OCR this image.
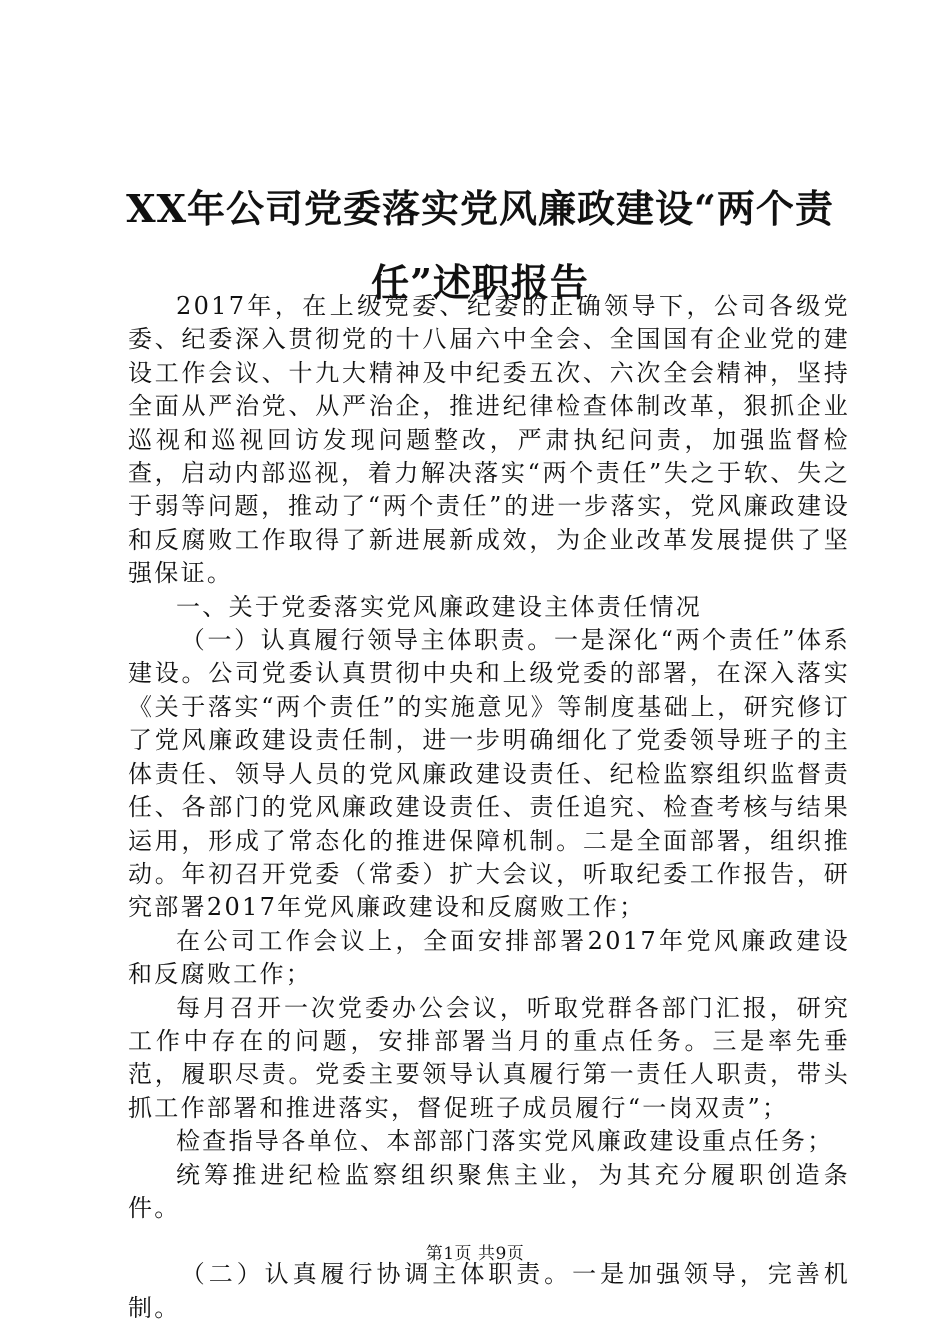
XX年公司党委落实党风廉政建设“两个责
任”述职报告

2017年，在上级党委、纪委的正确领导下，公司各级党委、纪委深入贯彻党的十八届六中全会、全国国有企业党的建设工作会议、十九大精神及中纪委五次、六次全会精神，坚持全面从严治党、从严治企，推进纪律检查体制改革，狠抓企业巡视和巡视回访发现问题整改，严肃执纪问责，加强监督检查，启动内部巡视，着力解决落实“两个责任”失之于软、失之于弱等问题，推动了“两个责任”的进一步落实，党风廉政建设和反腐败工作取得了新进展新成效，为企业改革发展提供了坚强保证。

一、关于党委落实党风廉政建设主体责任情况

（一）认真履行领导主体职责。一是深化“两个责任”体系建设。公司党委认真贯彻中央和上级党委的部署，在深入落实《关于落实“两个责任”的实施意见》等制度基础上，研究修订了党风廉政建设责任制，进一步明确细化了党委领导班子的主体责任、领导人员的党风廉政建设责任、纪检监察组织监督责任、各部门的党风廉政建设责任、责任追究、检查考核与结果运用，形成了常态化的推进保障机制。二是全面部署，组织推动。年初召开党委（常委）扩大会议，听取纪委工作报告，研究部署2017年党风廉政建设和反腐败工作；

在公司工作会议上，全面安排部署2017年党风廉政建设和反腐败工作；

每月召开一次党委办公会议，听取党群各部门汇报，研究工作中存在的问题，安排部署当月的重点任务。三是率先垂范，履职尽责。党委主要领导认真履行第一责任人职责，带头抓工作部署和推进落实，督促班子成员履行“一岗双责”；

检查指导各单位、本部部门落实党风廉政建设重点任务；

统筹推进纪检监察组织聚焦主业，为其充分履职创造条件。

（二）认真履行协调主体职责。一是加强领导，完善机制。

第1页 共9页
